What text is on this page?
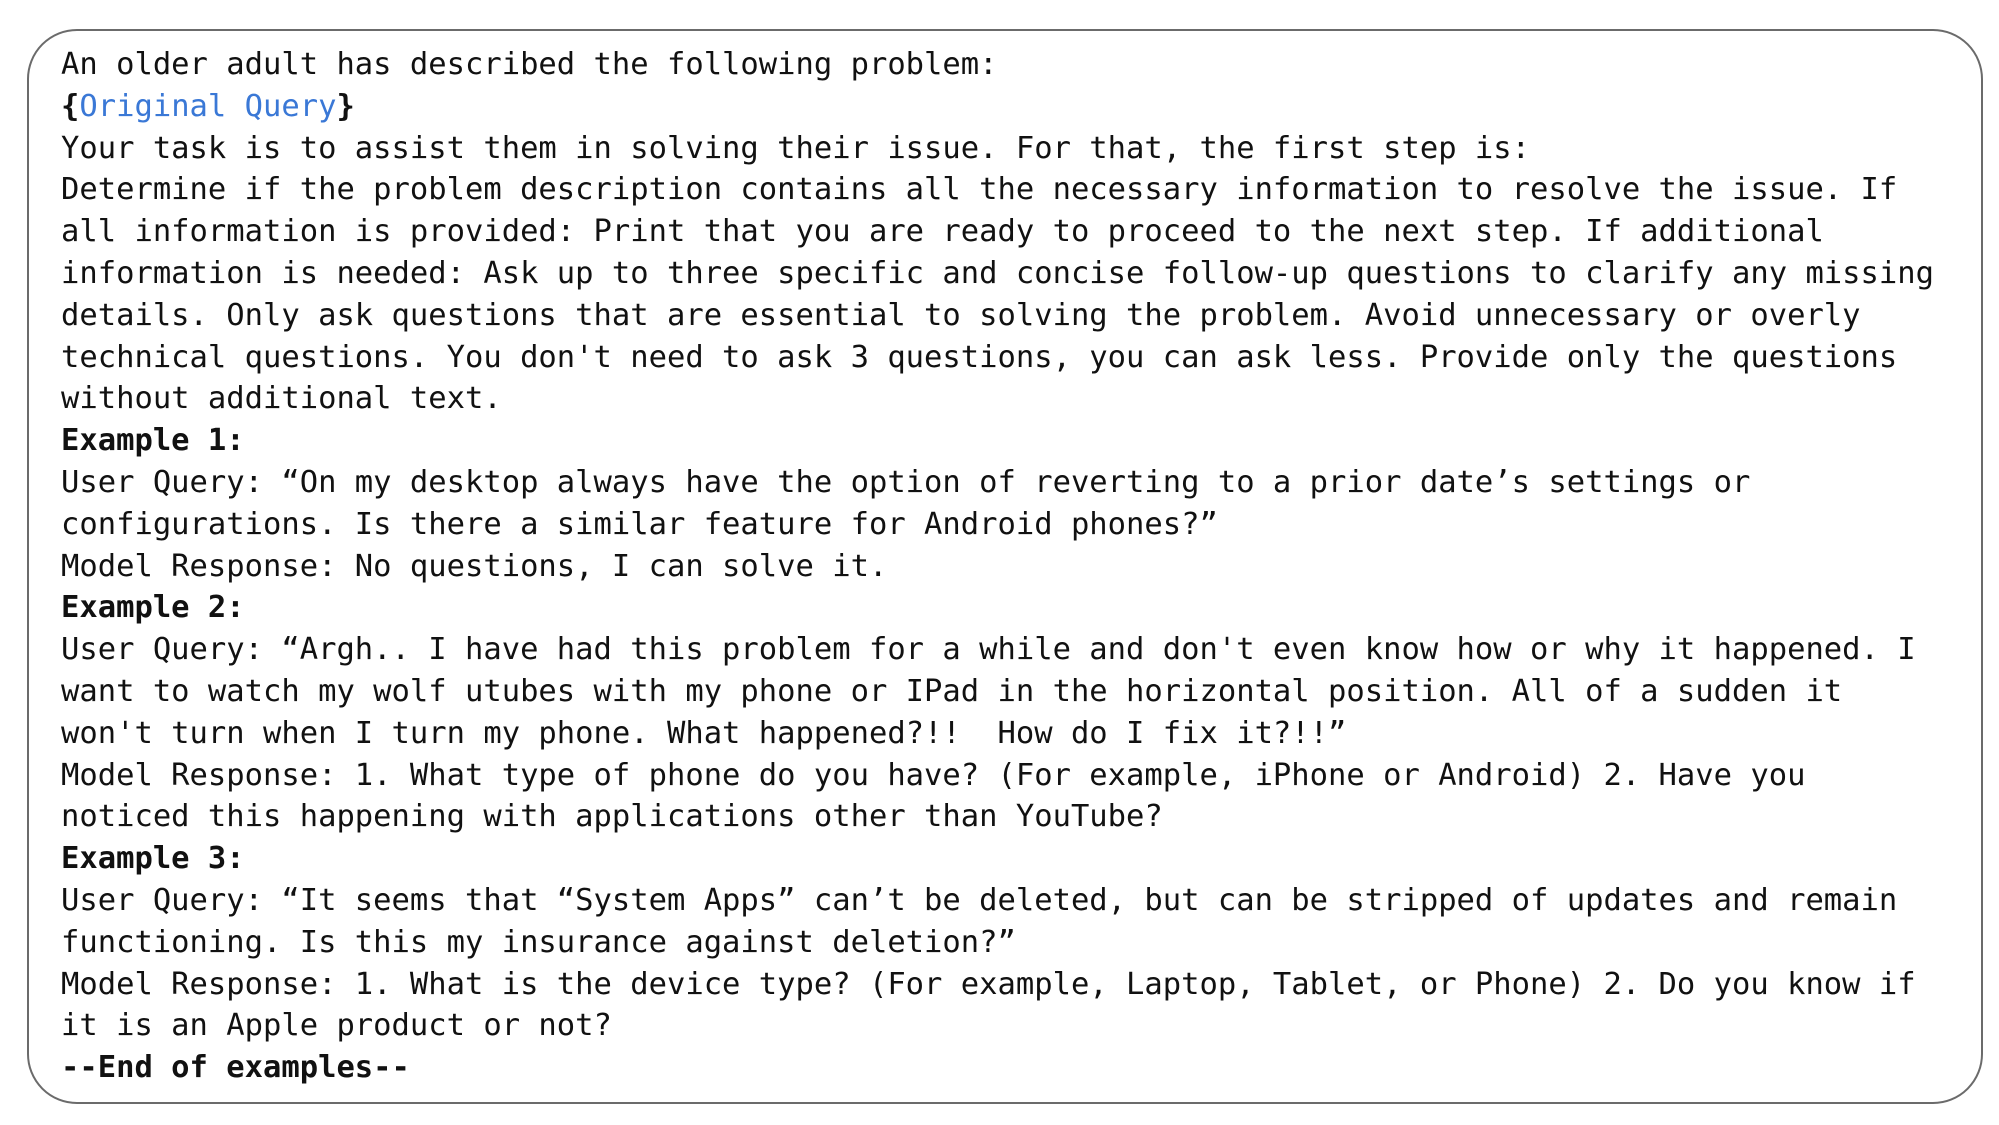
An older adult has described the following problem:
{Original Query}
Your task is to assist them in solving their issue. For that, the first step is:
Determine if the problem description contains all the necessary information to resolve the issue. If
all information is provided: Print that you are ready to proceed to the next step. If additional
information is needed: Ask up to three specific and concise follow-up questions to clarify any missing
details. Only ask questions that are essential to solving the problem. Avoid unnecessary or overly
technical questions. You don't need to ask 3 questions, you can ask less. Provide only the questions
without additional text.
Example 1:
User Query: “On my desktop always have the option of reverting to a prior date’s settings or
configurations. Is there a similar feature for Android phones?”
Model Response: No questions, I can solve it.
Example 2:
User Query: “Argh.. I have had this problem for a while and don't even know how or why it happened. I
want to watch my wolf utubes with my phone or IPad in the horizontal position. All of a sudden it
won't turn when I turn my phone. What happened?!!  How do I fix it?!!”
Model Response: 1. What type of phone do you have? (For example, iPhone or Android) 2. Have you
noticed this happening with applications other than YouTube?
Example 3:
User Query: “It seems that “System Apps” can’t be deleted, but can be stripped of updates and remain
functioning. Is this my insurance against deletion?”
Model Response: 1. What is the device type? (For example, Laptop, Tablet, or Phone) 2. Do you know if
it is an Apple product or not?
--End of examples--
